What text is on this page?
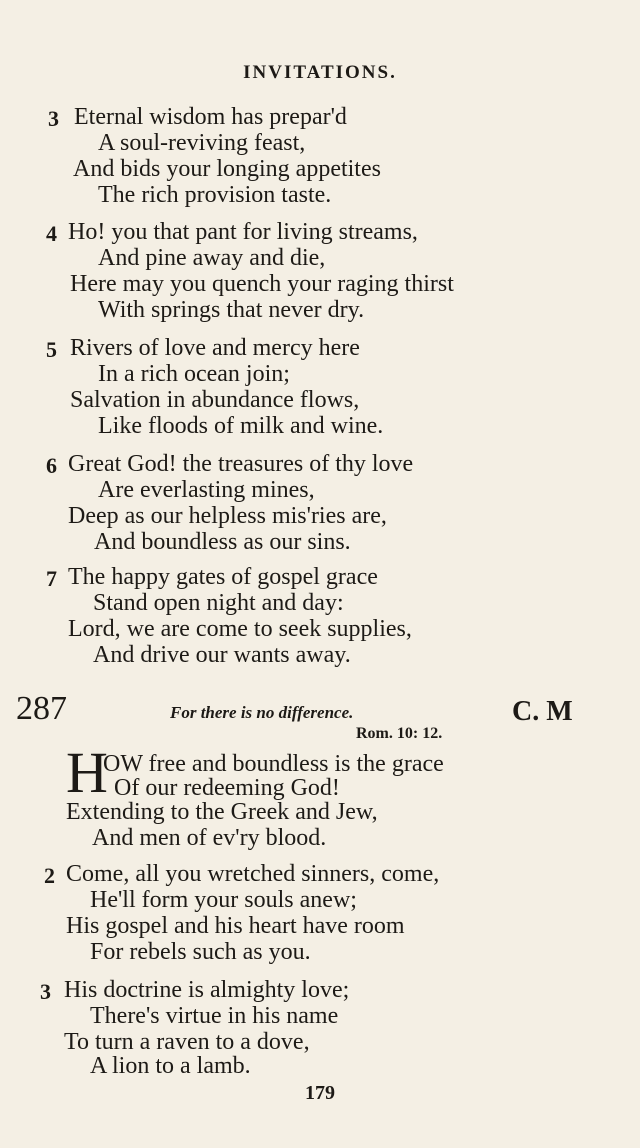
INVITATIONS.
3 Eternal wisdom has prepar'd
A soul-reviving feast,
And bids your longing appetites
The rich provision taste.
4 Ho! you that pant for living streams,
And pine away and die,
Here may you quench your raging thirst
With springs that never dry.
5 Rivers of love and mercy here
In a rich ocean join;
Salvation in abundance flows,
Like floods of milk and wine.
6 Great God! the treasures of thy love
Are everlasting mines,
Deep as our helpless mis'ries are,
And boundless as our sins.
7 The happy gates of gospel grace
Stand open night and day:
Lord, we are come to seek supplies,
And drive our wants away.
287	For there is no difference.	C. M
Rom. 10: 12.
H
OW free and boundless is the grace
Of our redeeming God!
Extending to the Greek and Jew,
And men of ev'ry blood.
2 Come, all you wretched sinners, come,
He'll form your souls anew;
His gospel and his heart have room
For rebels such as you.
3 His doctrine is almighty love;
There's virtue in his name
To turn a raven to a dove,
A lion to a lamb.
179
